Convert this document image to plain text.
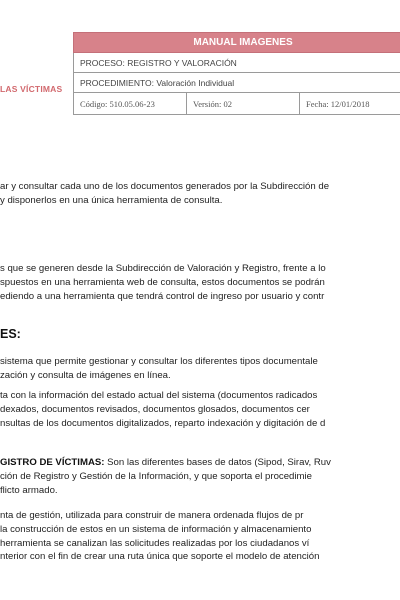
LAS VÍCTIMAS
MANUAL IMAGENES
PROCESO: REGISTRO Y VALORACIÓN
PROCEDIMIENTO: Valoración Individual
Código: 510.05.06-23	Versión: 02	Fecha: 12/01/2018
ar y consultar cada uno de los documentos generados por la Subdirección de
y disponerlos en una única herramienta de consulta.
s que se generen desde la Subdirección de Valoración y Registro, frente a lo
spuestos en una herramienta web de consulta, estos documentos se podrán
ediendo a una herramienta que tendrá control de ingreso por usuario y contr
ES:
sistema que permite gestionar y consultar los diferentes tipos documentale
zación y consulta de imágenes en línea.
ta con la información del estado actual del sistema (documentos radicados
dexados, documentos revisados, documentos glosados, documentos cer
nsultas de los documentos digitalizados, reparto indexación y digitación de d
GISTRO DE VÍCTIMAS: Son las diferentes bases de datos (Sipod, Sirav, Ruv
ción de Registro y Gestión de la Información, y que soporta el procedimie
flicto armado.
nta de gestión, utilizada para construir de manera ordenada flujos de pr
la construcción de estos en un sistema de información y almacenamiento
herramienta se canalizan las solicitudes realizadas por los ciudadanos ví
nterior con el fin de crear una ruta única que soporte el modelo de atención
